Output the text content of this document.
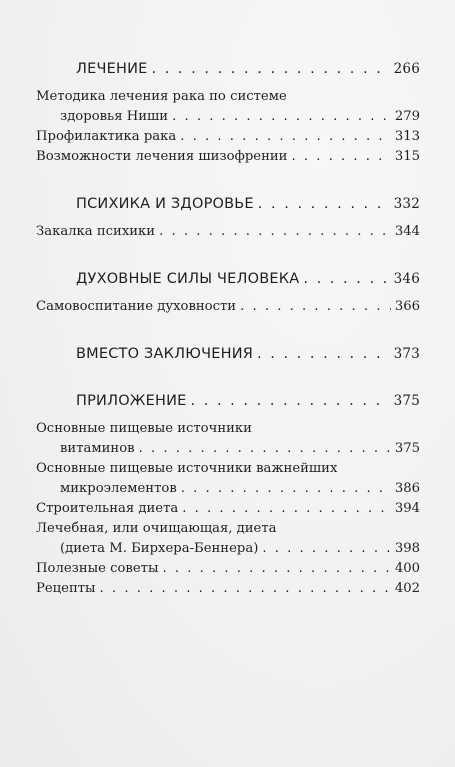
ЛЕЧЕНИЕ . . .	266
Методика лечения рака по системе
здоровья Ниши . . .	279
Профилактика рака . . .	313
Возможности лечения шизофрении . . .	315
ПСИХИКА И ЗДОРОВЬЕ . . .	332
Закалка психики . . .	344
ДУХОВНЫЕ СИЛЫ ЧЕЛОВЕКА . . .	346
Самовоспитание духовности . . .	366
ВМЕСТО ЗАКЛЮЧЕНИЯ . . .	373
ПРИЛОЖЕНИЕ . . .	375
Основные пищевые источники
витаминов . . .	375
Основные пищевые источники важнейших
микроэлементов . . .	386
Строительная диета . . .	394
Лечебная, или очищающая, диета
(диета М. Бирхера-Беннера) . . .	398
Полезные советы . . .	400
Рецепты . . .	402
